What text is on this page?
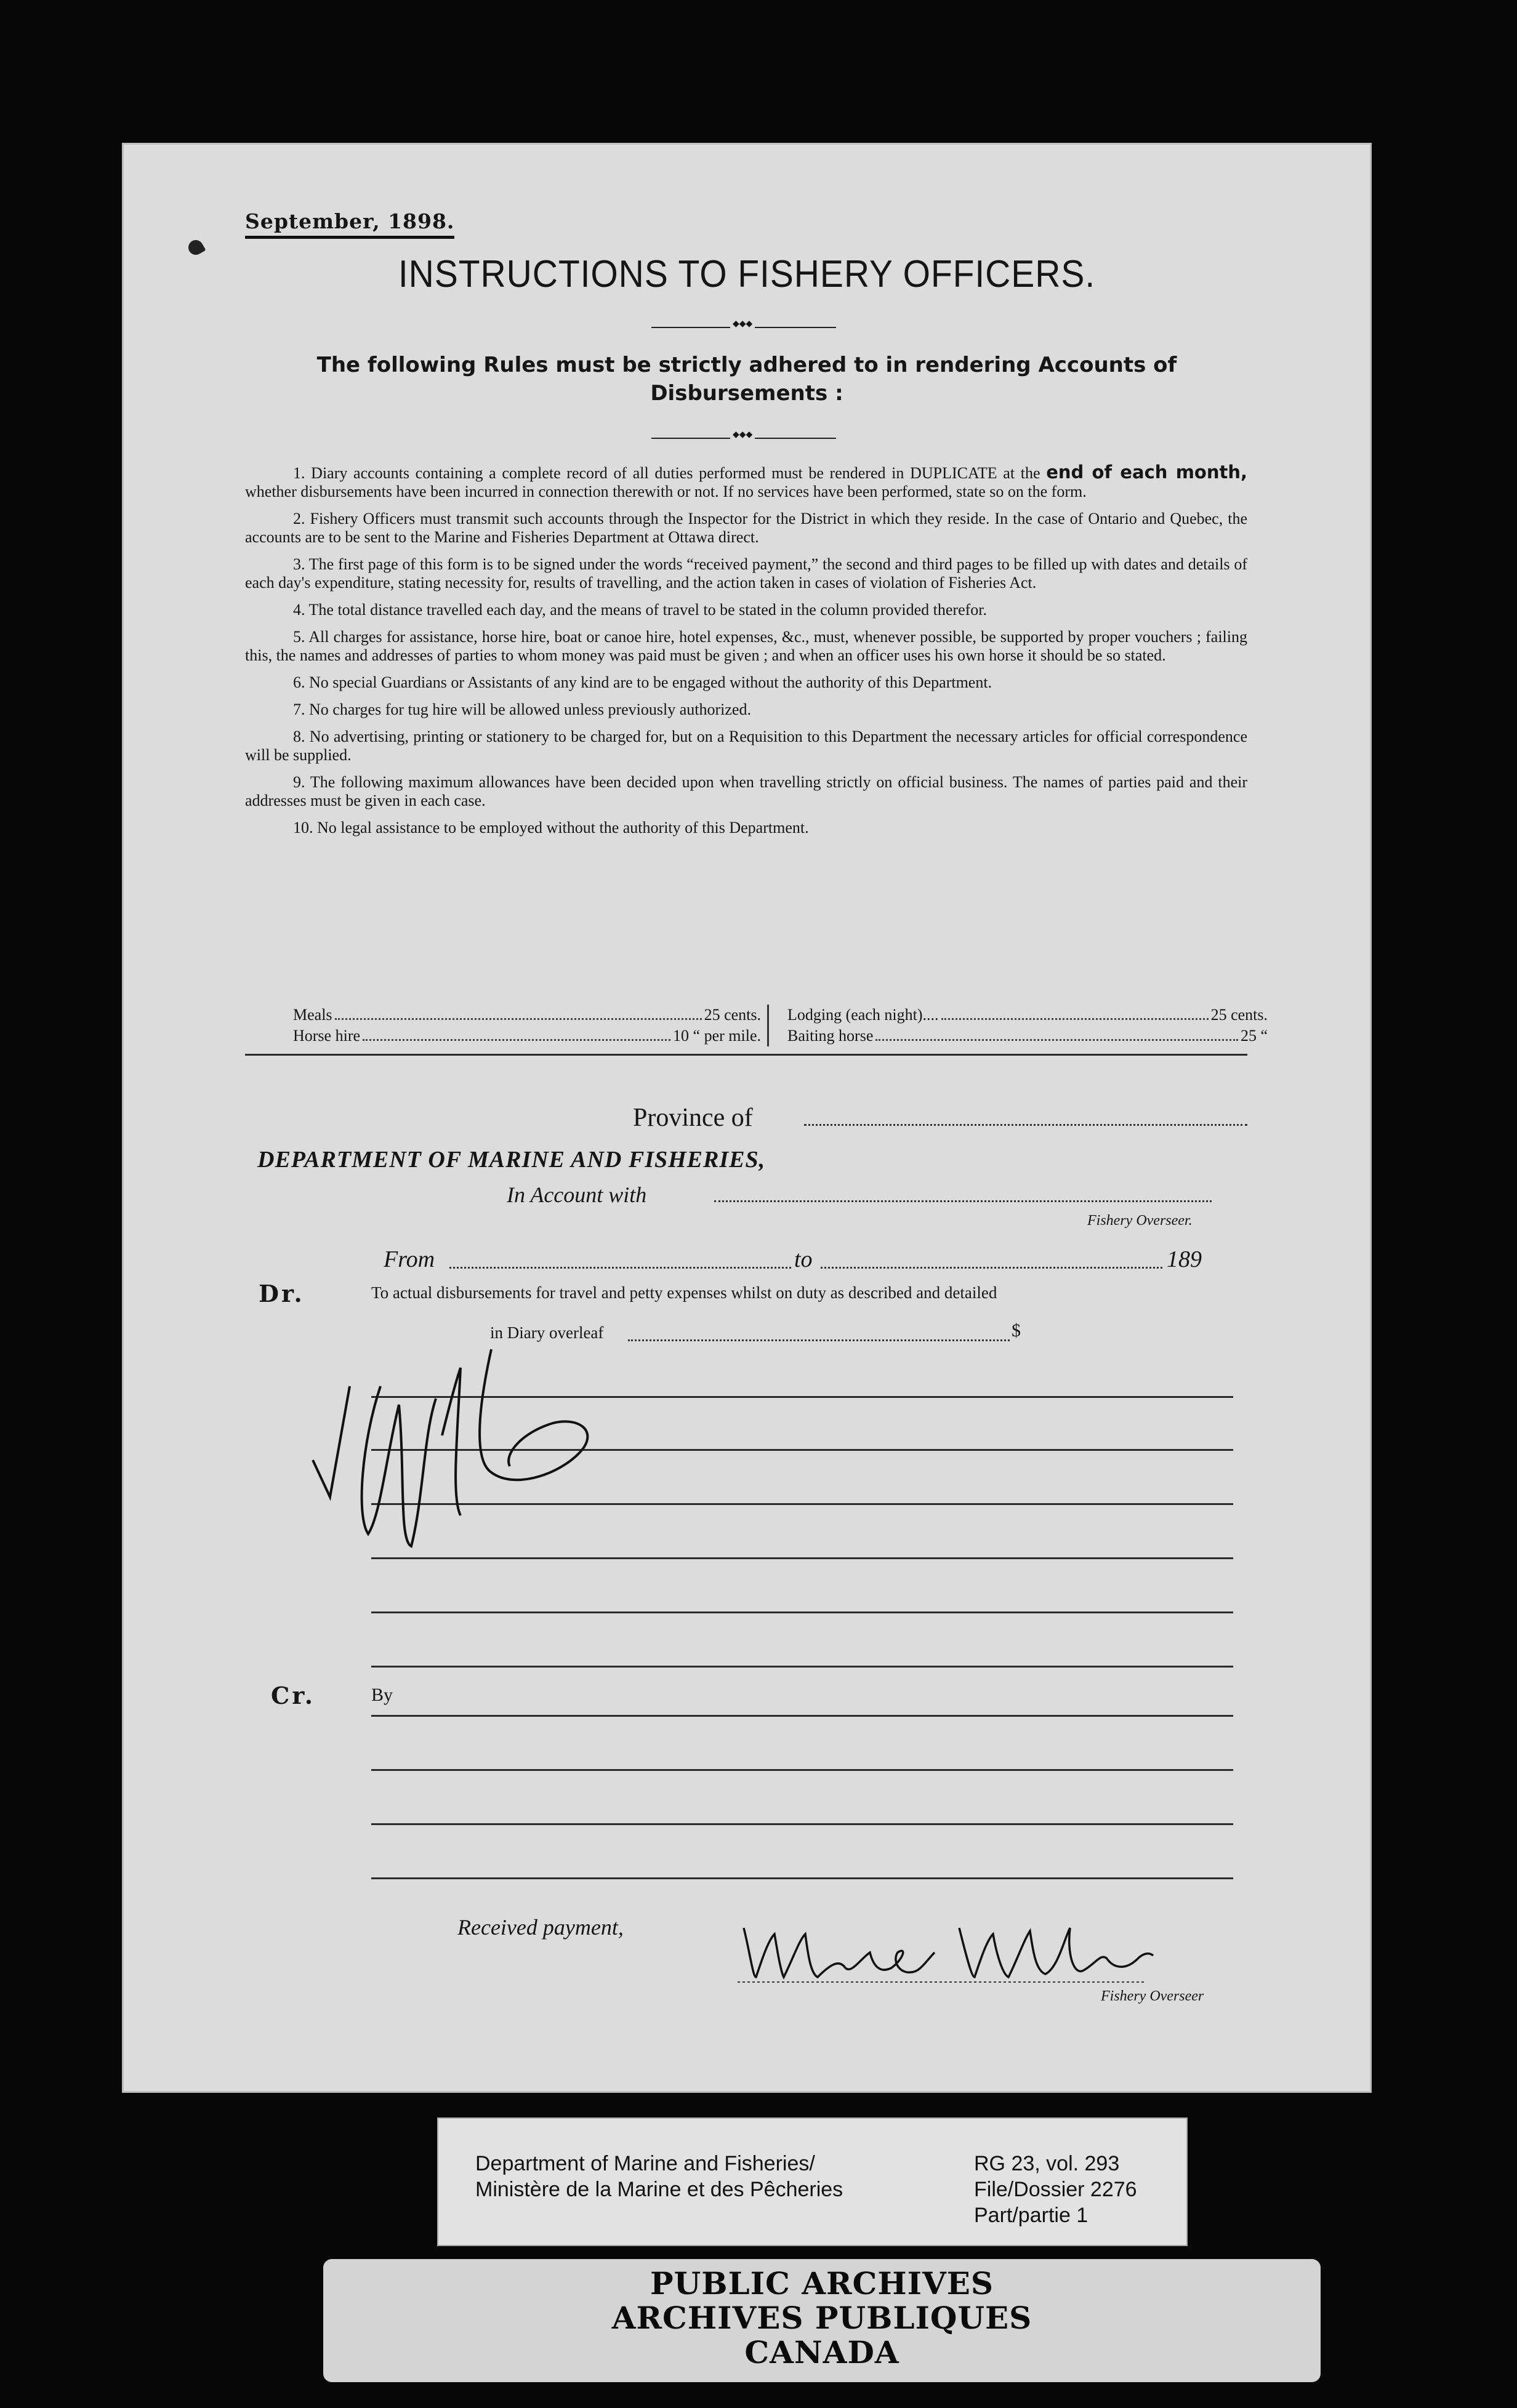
September, 1898.
INSTRUCTIONS TO FISHERY OFFICERS.
◆◆◆
The following Rules must be strictly adhered to in rendering Accounts of Disbursements :
◆◆◆

1. Diary accounts containing a complete record of all duties performed must be rendered in DUPLICATE at the end of each month, whether disbursements have been incurred in connection therewith or not. If no services have been performed, state so on the form.

2. Fishery Officers must transmit such accounts through the Inspector for the District in which they reside. In the case of Ontario and Quebec, the accounts are to be sent to the Marine and Fisheries Department at Ottawa direct.

3. The first page of this form is to be signed under the words “received payment,” the second and third pages to be filled up with dates and details of each day's expenditure, stating necessity for, results of travelling, and the action taken in cases of violation of Fisheries Act.

4. The total distance travelled each day, and the means of travel to be stated in the column provided therefor.

5. All charges for assistance, horse hire, boat or canoe hire, hotel expenses, &c., must, whenever possible, be supported by proper vouchers ; failing this, the names and addresses of parties to whom money was paid must be given ; and when an officer uses his own horse it should be so stated.

6. No special Guardians or Assistants of any kind are to be engaged without the authority of this Department.

7. No charges for tug hire will be allowed unless previously authorized.

8. No advertising, printing or stationery to be charged for, but on a Requisition to this Department the necessary articles for official correspondence will be supplied.

9. The following maximum allowances have been decided upon when travelling strictly on official business. The names of parties paid and their addresses must be given in each case.

10. No legal assistance to be employed without the authority of this Department.

Meals	25 cents.
Horse hire	10 “ per mile.
Lodging (each night)....	25 cents.
Baiting horse	25 “
Province of
DEPARTMENT OF MARINE AND FISHERIES,
In Account with
Fishery Overseer.
From	to	189
Dr.	To actual disbursements for travel and petty expenses whilst on duty as described and detailed
in Diary overleaf	$
Cr.	By
Received payment,
Fishery Overseer
Department of Marine and Fisheries/
Ministère de la Marine et des Pêcheries
RG 23, vol. 293
File/Dossier 2276
Part/partie 1
PUBLIC ARCHIVES
ARCHIVES PUBLIQUES
CANADA
